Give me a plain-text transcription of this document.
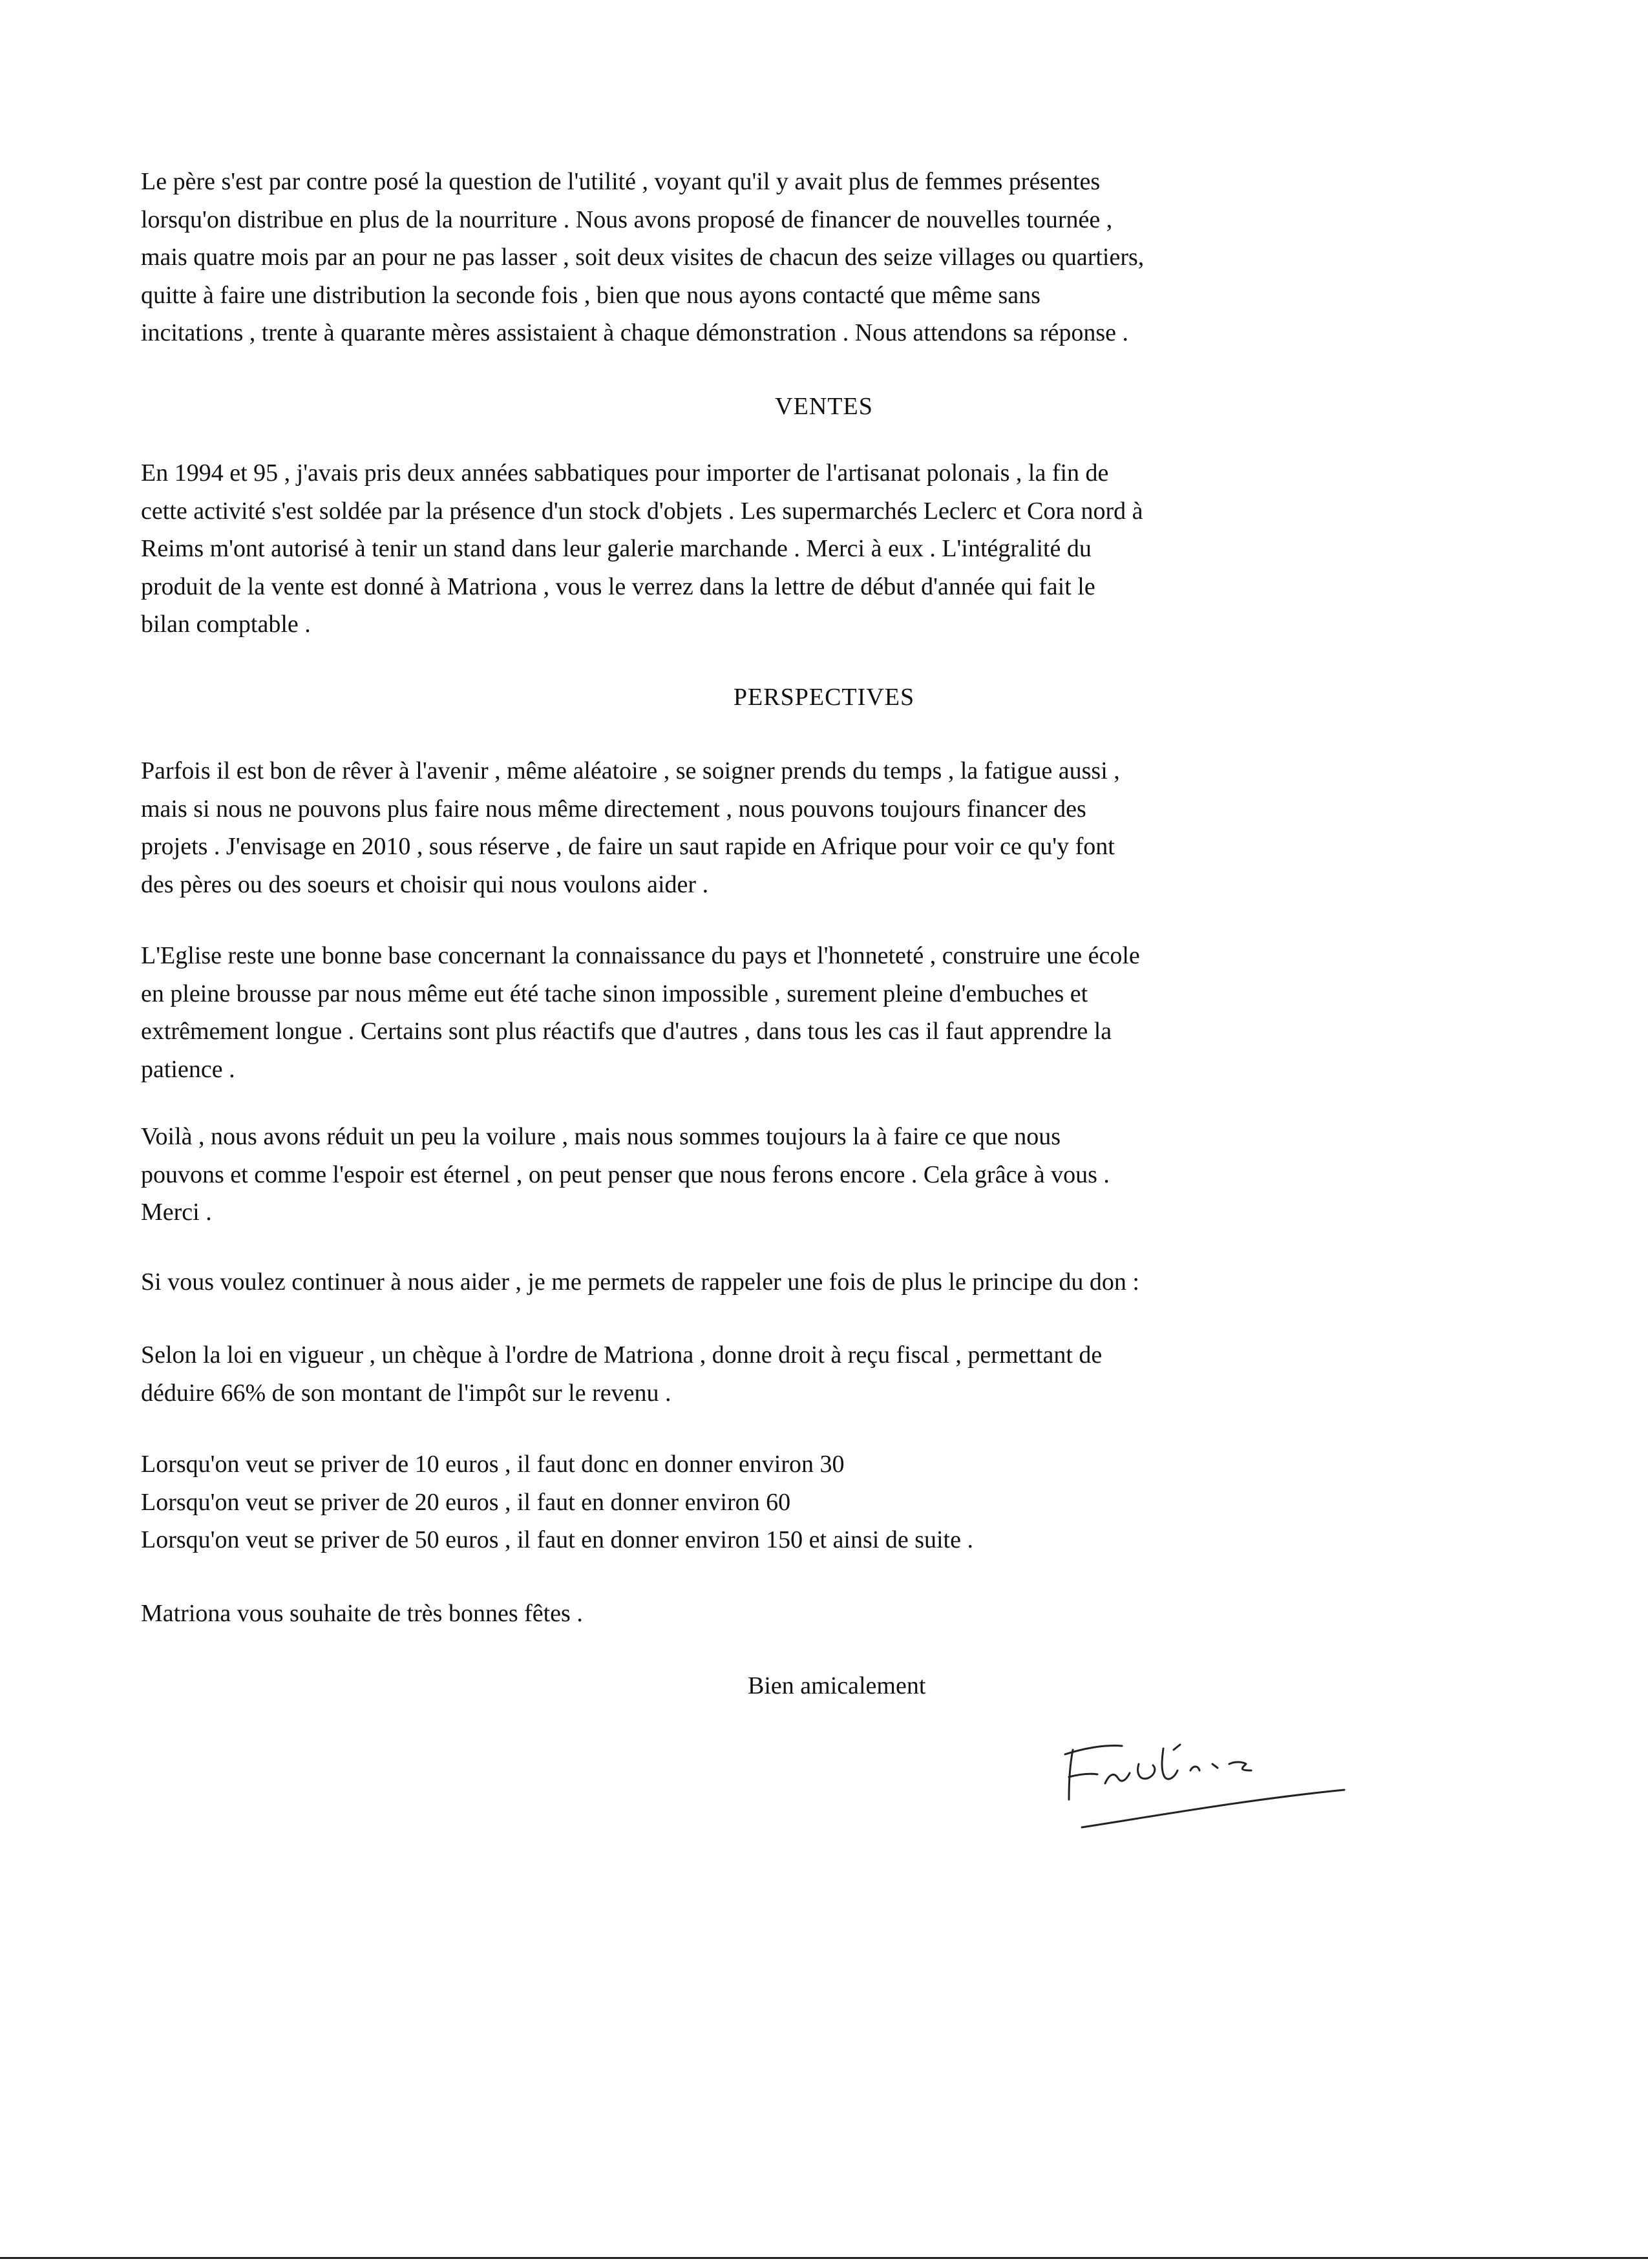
Le père s'est par contre posé la question de l'utilité , voyant qu'il y avait plus de femmes présentes
lorsqu'on distribue en plus de la nourriture . Nous avons proposé de financer de nouvelles tournée ,
mais quatre mois par an pour ne pas lasser , soit deux visites de chacun des seize villages ou quartiers,
quitte à faire une distribution la seconde fois , bien que nous ayons contacté que même sans
incitations , trente à quarante mères assistaient à chaque démonstration . Nous attendons sa réponse .
VENTES
En 1994 et 95 , j'avais pris deux années sabbatiques pour importer de l'artisanat polonais , la fin de
cette activité s'est soldée par la présence d'un stock d'objets . Les supermarchés Leclerc et Cora nord à
Reims m'ont autorisé à tenir un stand dans leur galerie marchande . Merci à eux . L'intégralité du
produit de la vente est donné à Matriona , vous le verrez dans la lettre de début d'année qui fait le
bilan comptable .
PERSPECTIVES
Parfois il est bon de rêver à l'avenir , même aléatoire , se soigner prends du temps , la fatigue aussi ,
mais si nous ne pouvons plus faire nous même directement , nous pouvons toujours financer des
projets . J'envisage en 2010 , sous réserve , de faire un saut rapide en Afrique pour voir ce qu'y font
des pères ou des soeurs et choisir qui nous voulons aider .
L'Eglise reste une bonne base concernant la connaissance du pays et l'honneteté , construire une école
en pleine brousse par nous même eut été tache sinon impossible , surement pleine d'embuches et
extrêmement longue . Certains sont plus réactifs que d'autres , dans tous les cas il faut apprendre la
patience .
Voilà , nous avons réduit un peu la voilure , mais nous sommes toujours la à faire ce que nous
pouvons et comme l'espoir est éternel , on peut penser que nous ferons encore . Cela grâce à vous .
Merci .
Si vous voulez continuer à nous aider , je me permets de rappeler une fois de plus le principe du don :
Selon la loi en vigueur , un chèque à l'ordre de Matriona , donne droit à reçu fiscal , permettant de
déduire 66% de son montant de l'impôt sur le revenu .
Lorsqu'on veut se priver de 10 euros , il faut donc en donner environ 30
Lorsqu'on veut se priver de 20 euros , il faut en donner environ 60
Lorsqu'on veut se priver de 50 euros , il faut en donner environ 150 et ainsi de suite .
Matriona vous souhaite de très bonnes fêtes .
Bien amicalement
